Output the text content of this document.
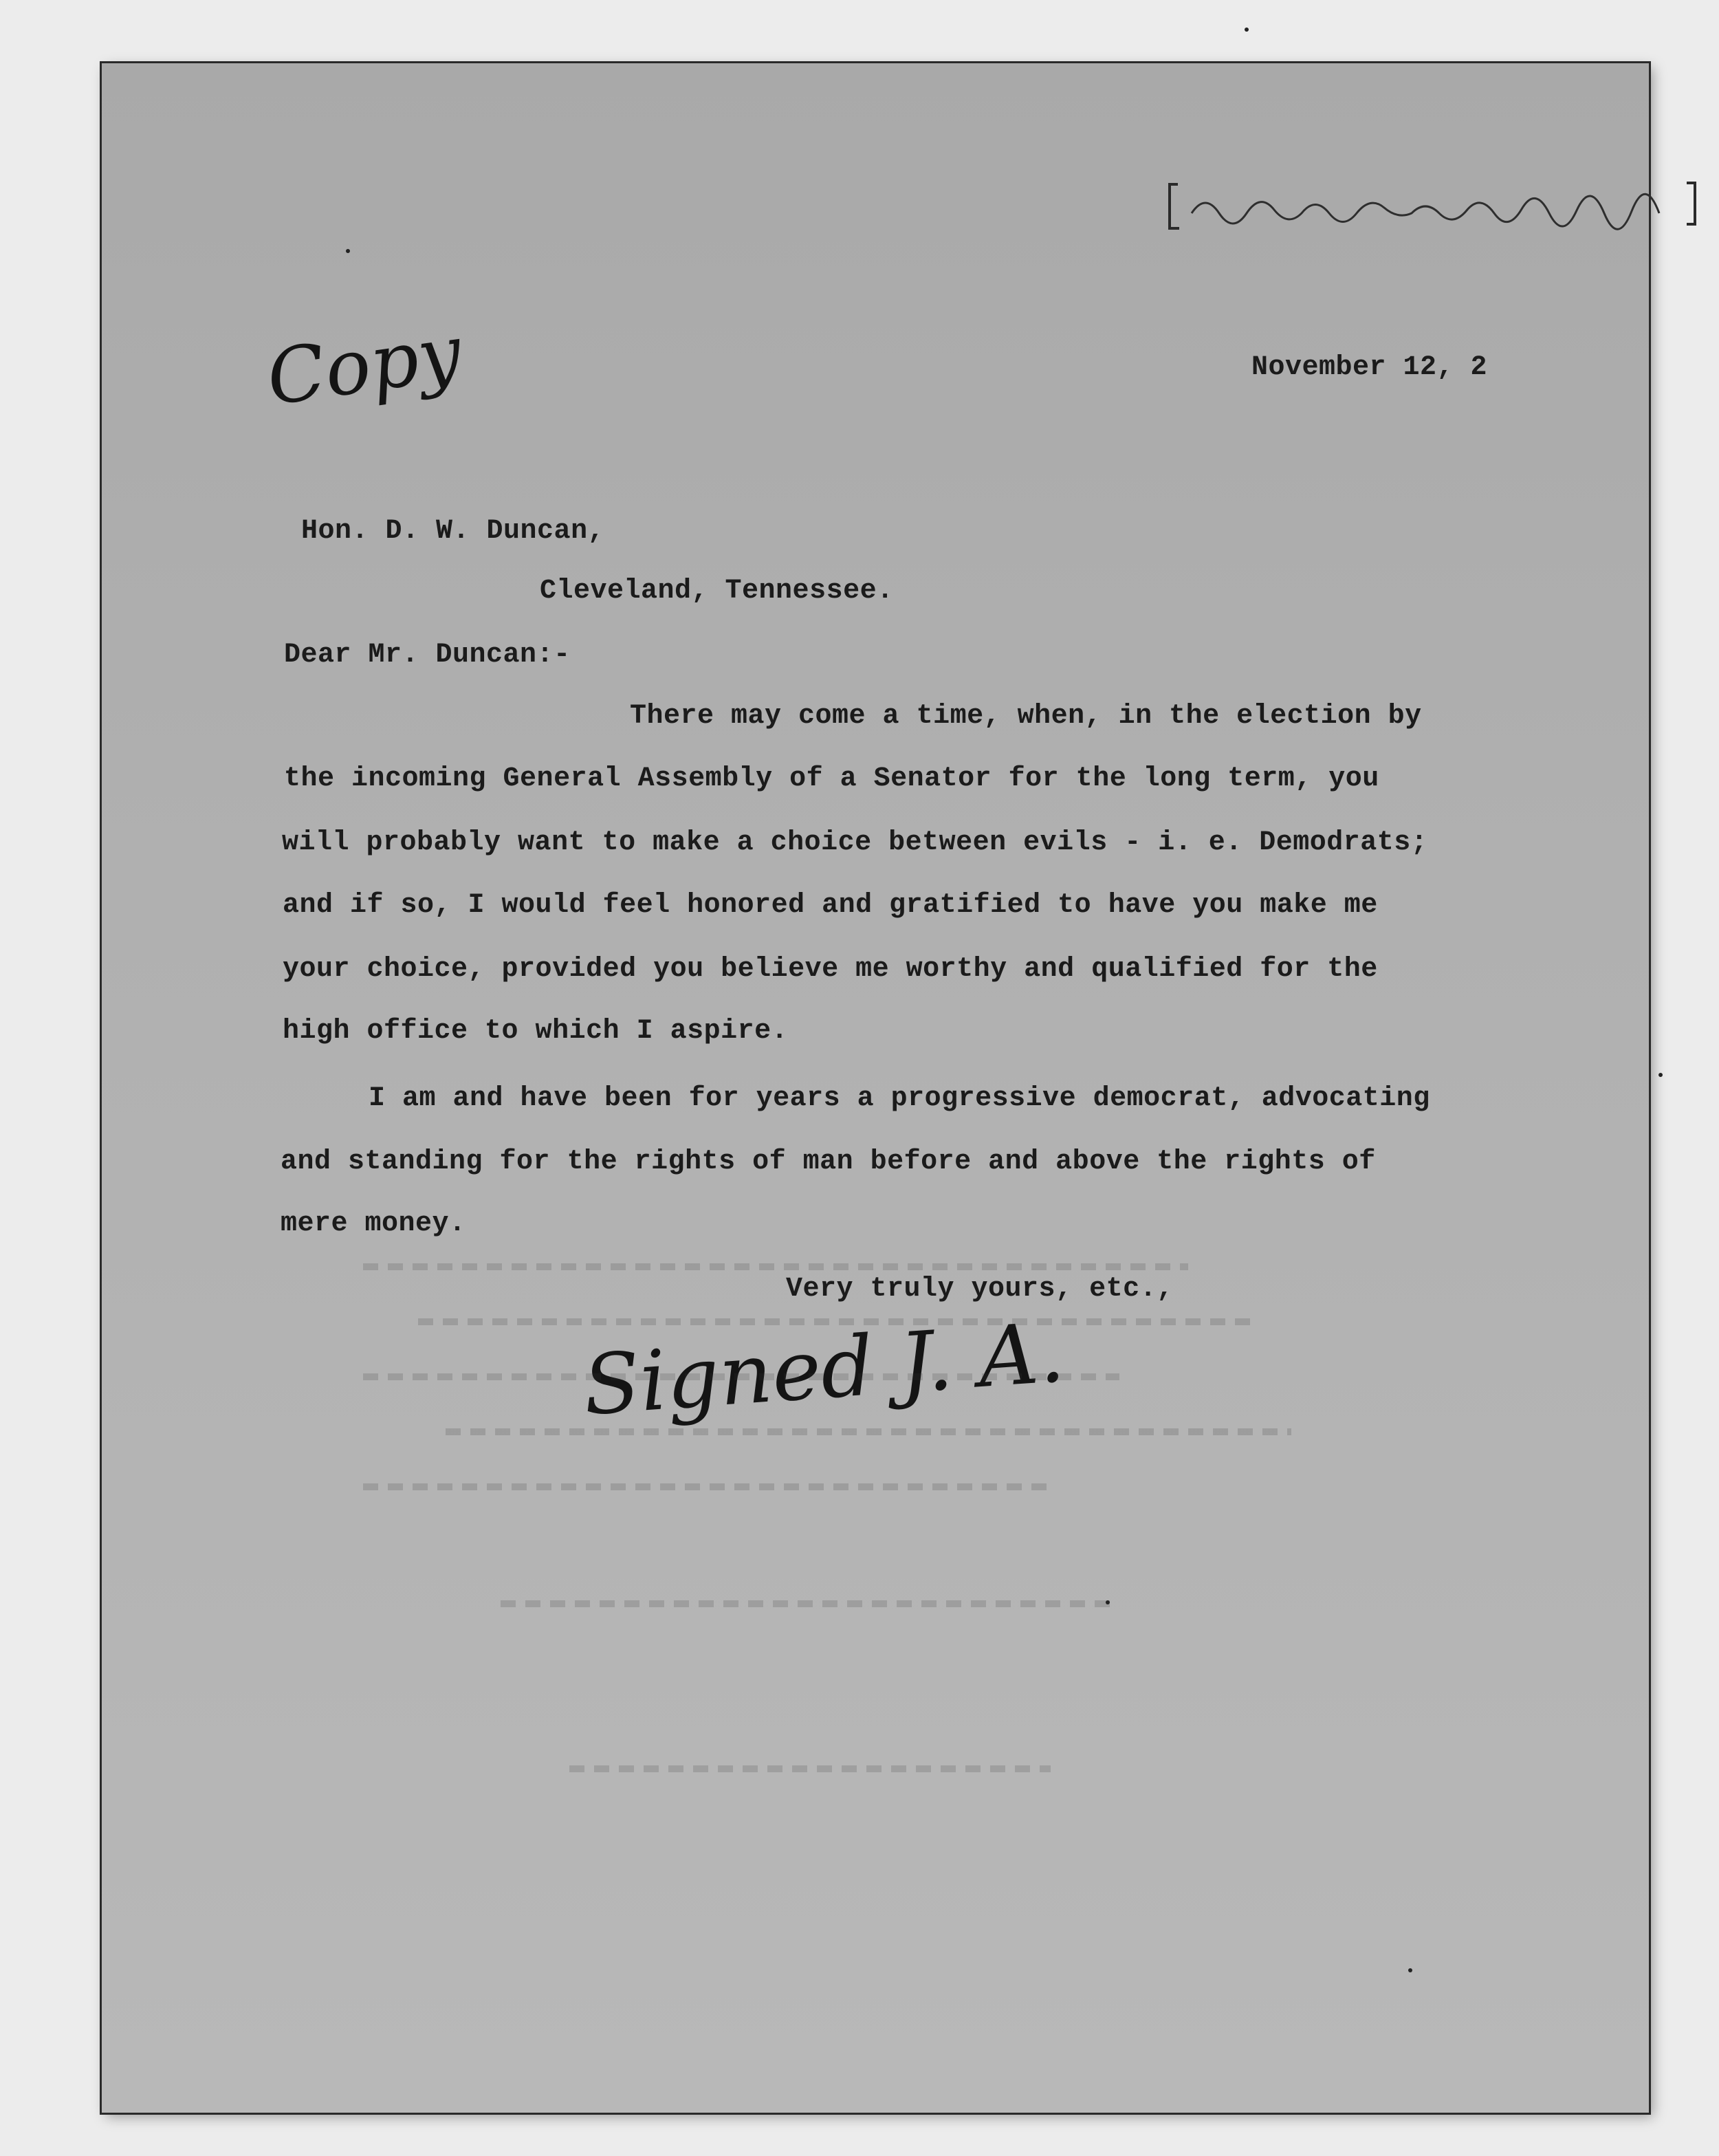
Copy	November 12, 2

Hon. D. W. Duncan,

Cleveland, Tennessee.

Dear Mr. Duncan:-

There may come a time, when, in the election by

the incoming General Assembly of a Senator for the long term, you

will probably want to make a choice between evils - i. e. Demodrats;

and if so, I would feel honored and gratified to have you make me

your choice, provided you believe me worthy and qualified for the

high office to which I aspire.

I am and have been for years a progressive democrat, advocating

and standing for the rights of man before and above the rights of

mere money.

Very truly yours, etc.,

Signed J. A.
